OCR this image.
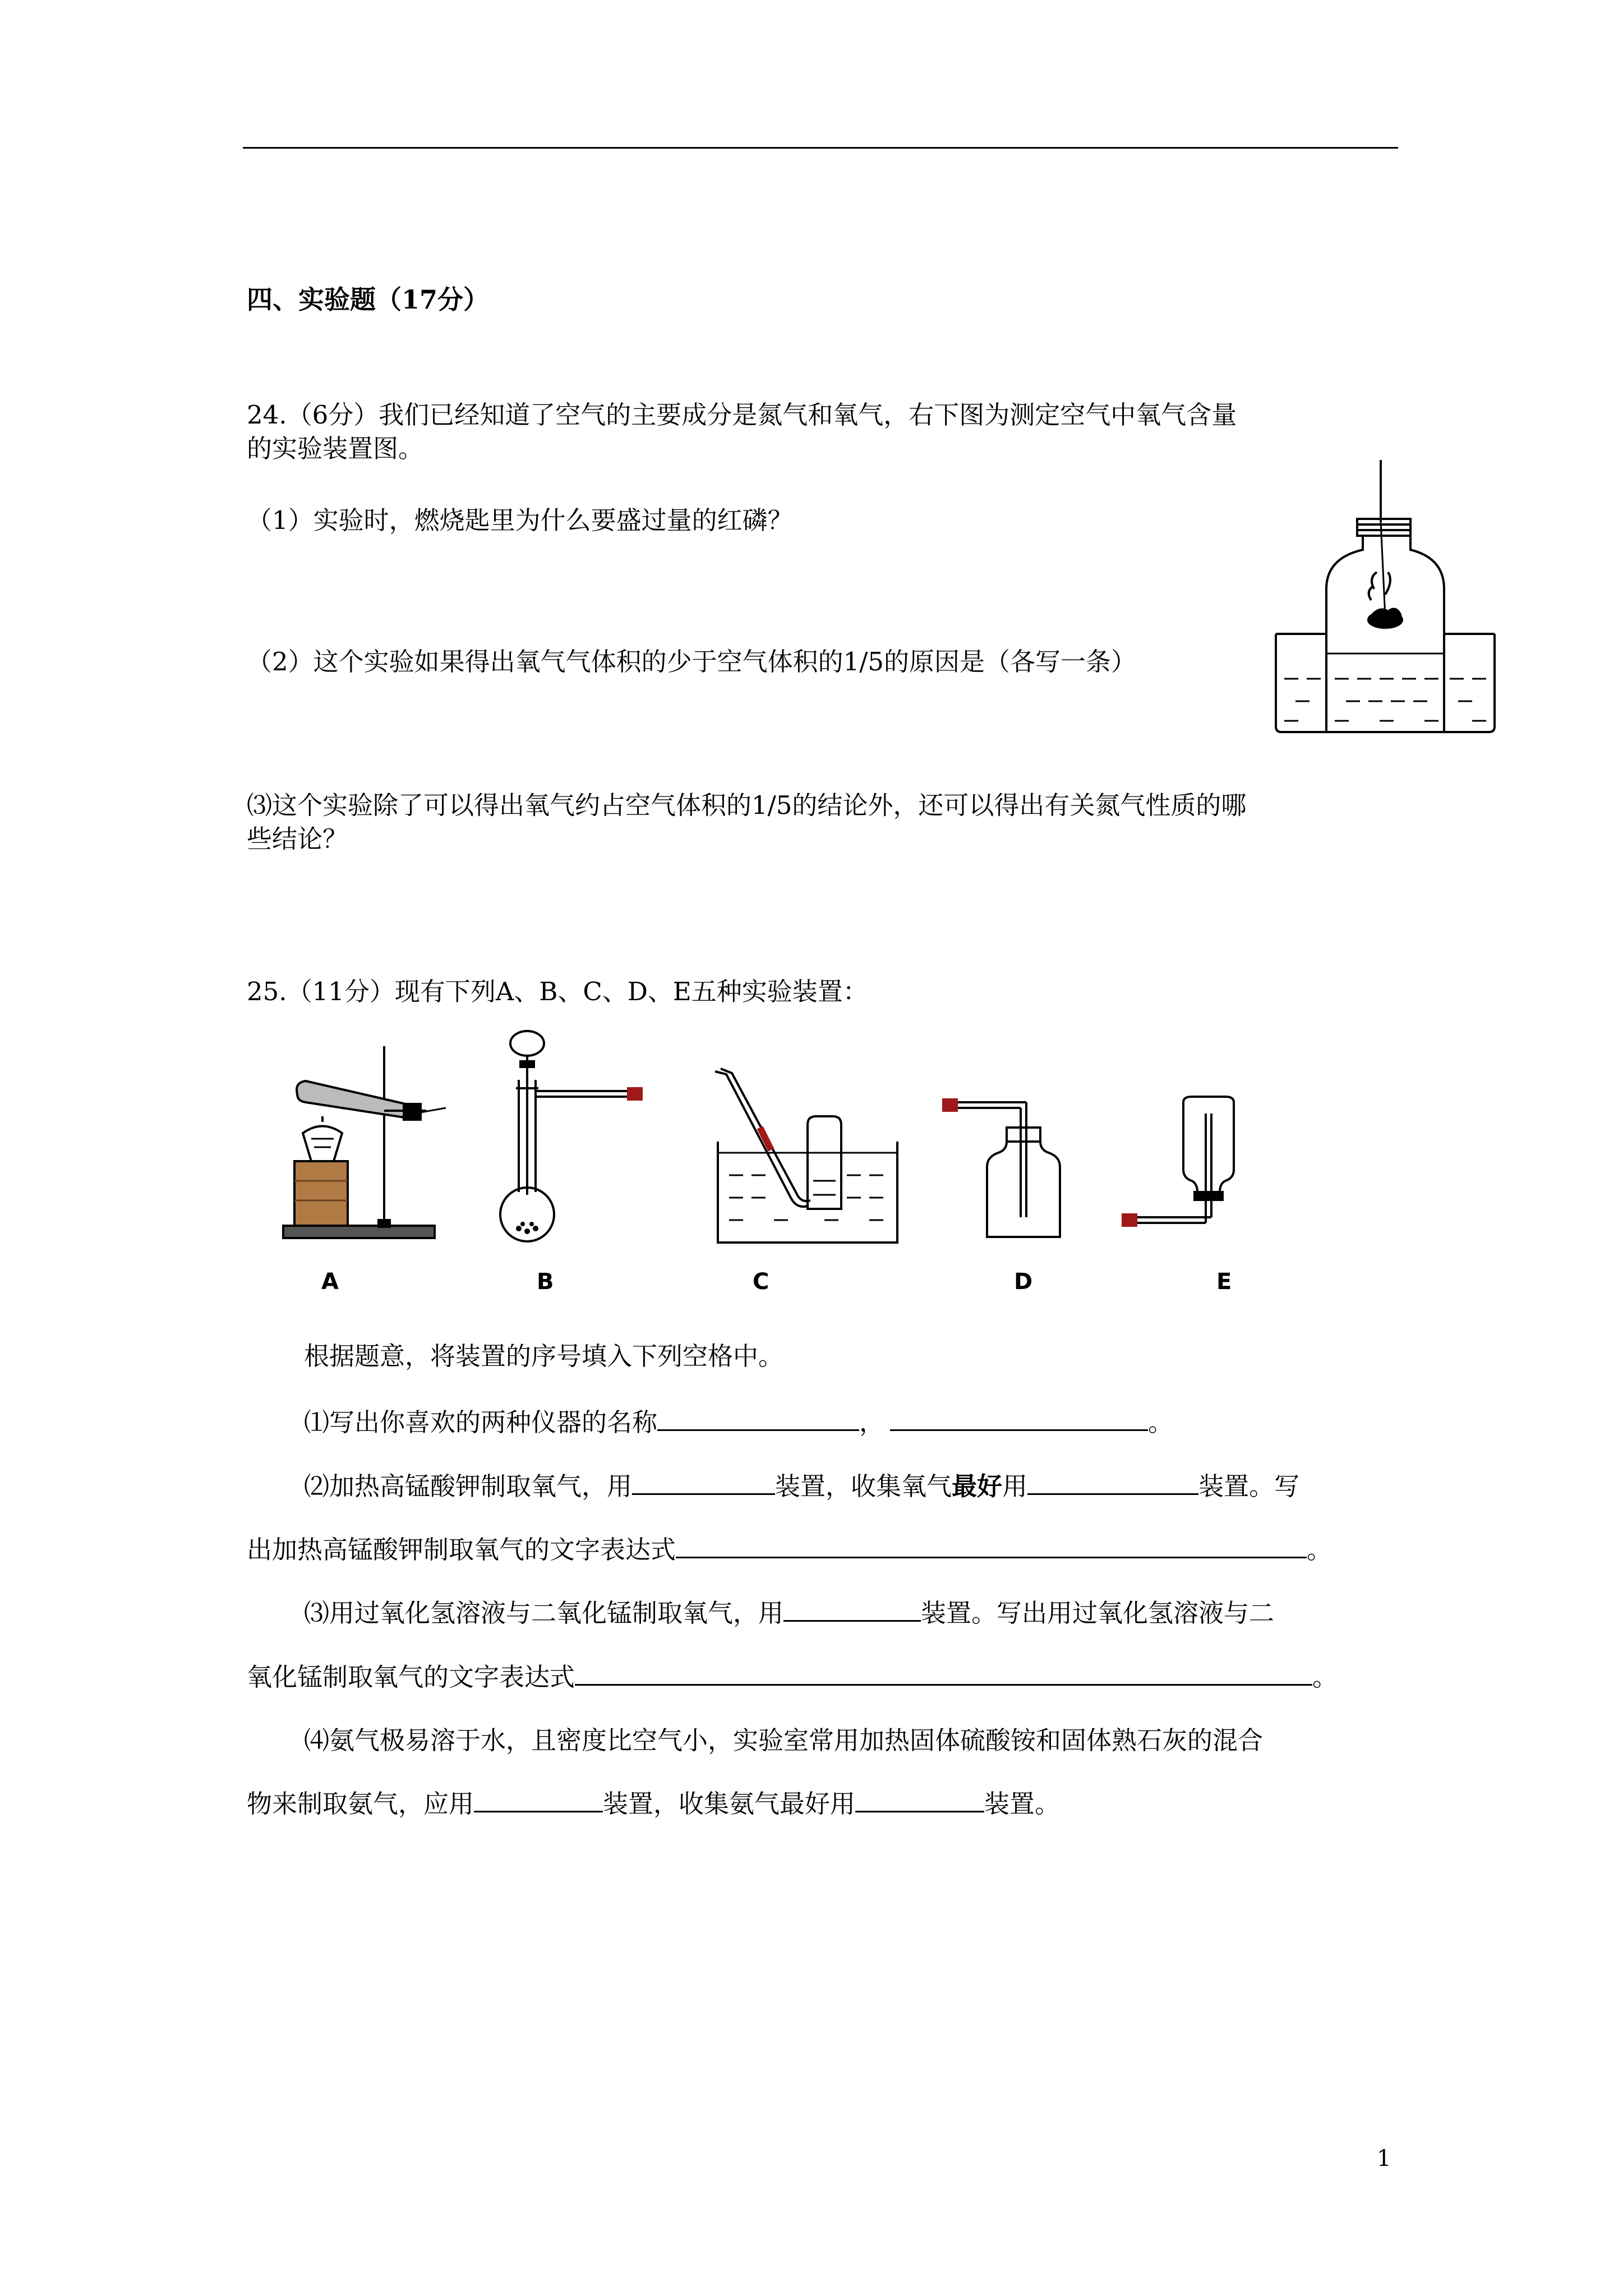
四、实验题（17分）

24.（6分）我们已经知道了空气的主要成分是氮气和氧气，右下图为测定空气中氧气含量

的实验装置图。

（1）实验时，燃烧匙里为什么要盛过量的红磷？

（2）这个实验如果得出氧气气体积的少于空气体积的1/5的原因是（各写一条）

⑶这个实验除了可以得出氧气约占空气体积的1/5的结论外，还可以得出有关氮气性质的哪

些结论？

25.（11分）现有下列A、B、C、D、E五种实验装置：

A	B	C	D	E

根据题意，将装置的序号填入下列空格中。

⑴写出你喜欢的两种仪器的名称	，	。

⑵加热高锰酸钾制取氧气，用	装置，收集氧气最好用	装置。写

出加热高锰酸钾制取氧气的文字表达式	。

⑶用过氧化氢溶液与二氧化锰制取氧气，用	装置。写出用过氧化氢溶液与二

氧化锰制取氧气的文字表达式	。

⑷氨气极易溶于水，且密度比空气小，实验室常用加热固体硫酸铵和固体熟石灰的混合

物来制取氨气，应用	装置，收集氨气最好用	装置。

1
